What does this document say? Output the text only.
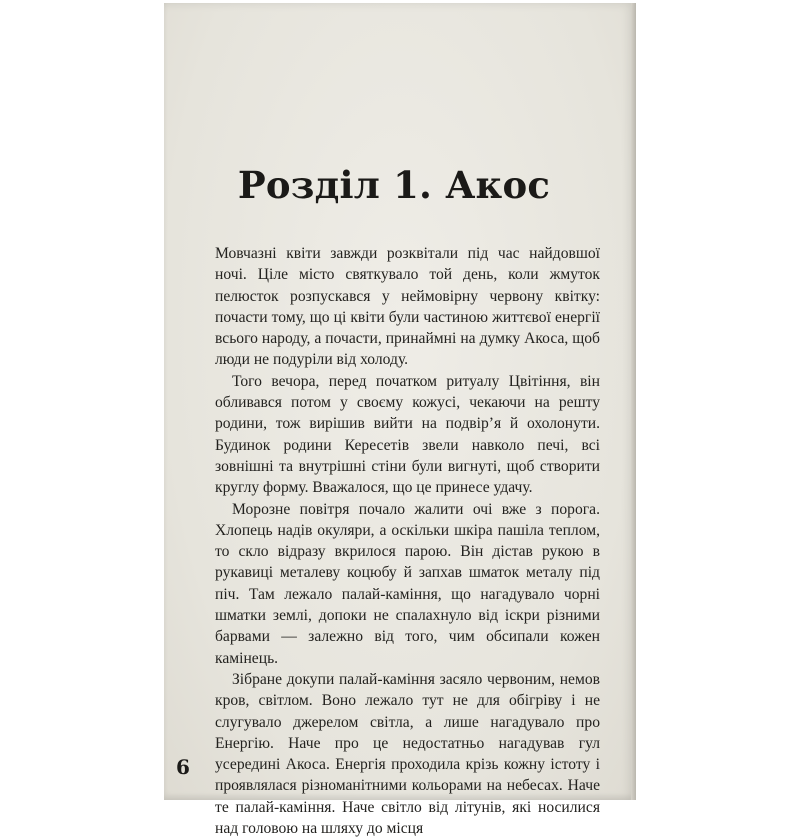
Розділ 1. Акос

Мовчазні квіти завжди розквітали під час найдовшої ночі. Ціле місто святкувало той день, коли жмуток пелюсток розпускався у неймовірну червону квітку: почасти тому, що ці квіти були частиною життєвої енергії всього народу, а почасти, принаймні на думку Акоса, щоб люди не подуріли від холоду.

Того вечора, перед початком ритуалу Цвітіння, він обливався потом у своєму кожусі, чекаючи на решту родини, тож вирішив вийти на подвір’я й охолонути. Будинок родини Кересетів звели навколо печі, всі зовнішні та внутрішні стіни були вигнуті, щоб створити круглу форму. Вважалося, що це принесе удачу.

Морозне повітря почало жалити очі вже з порога. Хлопець надів окуляри, а оскільки шкіра пашіла теплом, то скло відразу вкрилося парою. Він дістав рукою в рукавиці металеву коцюбу й запхав шматок металу під піч. Там лежало палай-каміння, що нагадувало чорні шматки землі, допоки не спалахнуло від іскри різними барвами — залежно від того, чим обсипали кожен камінець.

Зібране докупи палай-каміння засяло червоним, немов кров, світлом. Воно лежало тут не для обігріву і не слугувало джерелом світла, а лише нагадувало про Енергію. Наче про це недостатньо нагадував гул усередині Акоса. Енергія проходила крізь кожну істоту і проявлялася різноманітними кольорами на небесах. Наче те палай-каміння. Наче світло від літунів, які носилися над головою на шляху до місця

6
